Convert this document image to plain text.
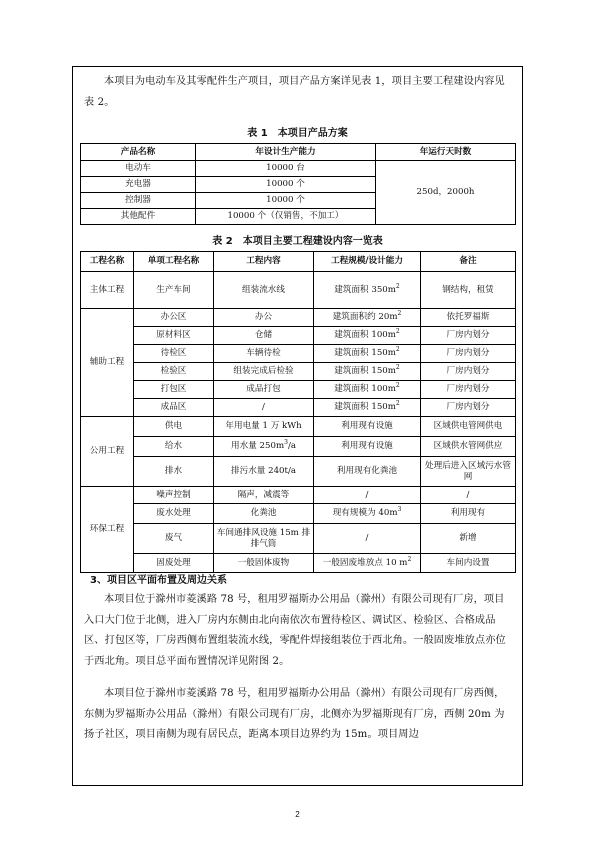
本项目为电动车及其零配件生产项目，项目产品方案详见表 1，项目主要工程建设内容见表 2。

表 1　本项目产品方案
产品名称	年设计生产能力	年运行天时数
电动车	10000 台	250d，2000h
充电器	10000 个	
控制器	10000 个	
其他配件	10000 个（仅销售，不加工）	
表 2　本项目主要工程建设内容一览表
工程名称	单项工程名称	工程内容	工程规模/设计能力	备注
主体工程	生产车间	组装流水线	建筑面积 $350m^2$	钢结构，租赁
辅助工程	办公区	办公	建筑面积约 $20m^2$	依托罗福斯
	原材料区	仓储	建筑面积 $100m^2$	厂房内划分
	待检区	车辆待检	建筑面积 $150m^2$	厂房内划分
	检验区	组装完成后检验	建筑面积 $150m^2$	厂房内划分
	打包区	成品打包	建筑面积 $100m^2$	厂房内划分
	成品区	/	建筑面积 $150m^2$	厂房内划分
公用工程	供电	年用电量 1 万 kWh	利用现有设施	区域供电管网供电
	给水	用水量 $250m^3/a$	利用现有设施	区域供水管网供应
	排水	排污水量 240t/a	利用现有化粪池	处理后进入区域污水管网
环保工程	噪声控制	隔声，减震等	/	/
	废水处理	化粪池	现有规模为 $40m^3$	利用现有
	废气	车间通排风设施 15m 排排气筒	/	新增
	固废处理	一般固体废物	一般固废堆放点 10 $m^2$	车间内设置
3、项目区平面布置及周边关系

本项目位于滁州市菱溪路 78 号，租用罗福斯办公用品（滁州）有限公司现有厂房，项目入口大门位于北侧，进入厂房内东侧由北向南依次布置待检区、调试区、检验区、合格成品区、打包区等，厂房西侧布置组装流水线，零配件焊接组装位于西北角。一般固废堆放点亦位于西北角。项目总平面布置情况详见附图 2。

本项目位于滁州市菱溪路 78 号，租用罗福斯办公用品（滁州）有限公司现有厂房西侧，东侧为罗福斯办公用品（滁州）有限公司现有厂房，北侧亦为罗福斯现有厂房，西侧 20m 为扬子社区，项目南侧为现有居民点，距离本项目边界约为 15m。项目周边

2
